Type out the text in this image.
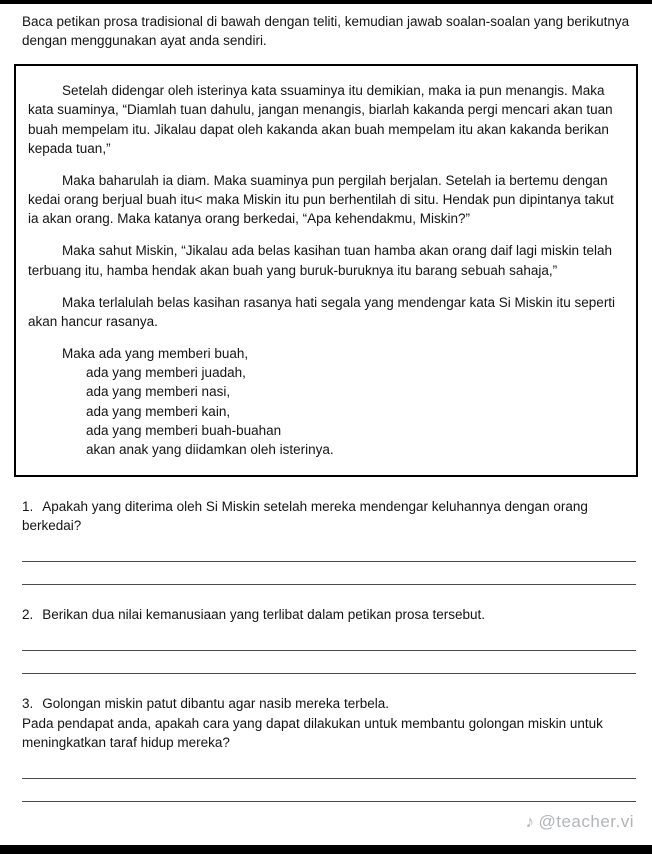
Baca petikan prosa tradisional di bawah dengan teliti, kemudian jawab soalan-soalan yang berikutnya dengan menggunakan ayat anda sendiri.

Setelah didengar oleh isterinya kata ssuaminya itu demikian, maka ia pun menangis. Maka kata suaminya, “Diamlah tuan dahulu, jangan menangis, biarlah kakanda pergi mencari akan tuan buah mempelam itu. Jikalau dapat oleh kakanda akan buah mempelam itu akan kakanda berikan kepada tuan,”

Maka baharulah ia diam. Maka suaminya pun pergilah berjalan. Setelah ia bertemu dengan kedai orang berjual buah itu< maka Miskin itu pun berhentilah di situ. Hendak pun dipintanya takut ia akan orang. Maka katanya orang berkedai, “Apa kehendakmu, Miskin?”

Maka sahut Miskin, “Jikalau ada belas kasihan tuan hamba akan orang daif lagi miskin telah terbuang itu, hamba hendak akan buah yang buruk-buruknya itu barang sebuah sahaja,”

Maka terlalulah belas kasihan rasanya hati segala yang mendengar kata Si Miskin itu seperti akan hancur rasanya.

Maka ada yang memberi buah,

ada yang memberi juadah,

ada yang memberi nasi,

ada yang memberi kain,

ada yang memberi buah-buahan

akan anak yang diidamkan oleh isterinya.

1. Apakah yang diterima oleh Si Miskin setelah mereka mendengar keluhannya dengan orang berkedai?

2. Berikan dua nilai kemanusiaan yang terlibat dalam petikan prosa tersebut.

3. Golongan miskin patut dibantu agar nasib mereka terbela.

Pada pendapat anda, apakah cara yang dapat dilakukan untuk membantu golongan miskin untuk meningkatkan taraf hidup mereka?

♪ @teacher.vi
